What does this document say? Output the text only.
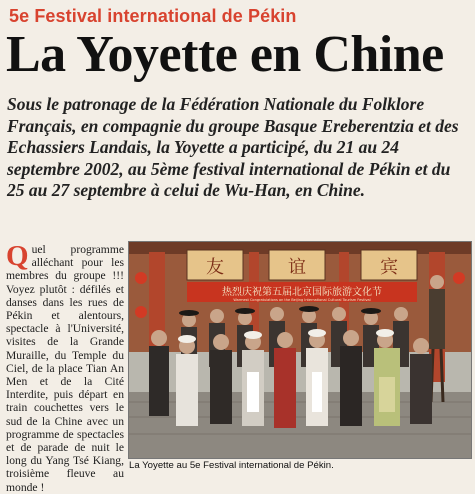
5e Festival international de Pékin
La Yoyette en Chine
Sous le patronage de la Fédération Nationale du Folklore Français, en compagnie du groupe Basque Ereberentzia et des Echassiers Landais, la Yoyette a participé, du 21 au 24 septembre 2002, au 5ème festival international de Pékin et du 25 au 27 septembre à celui de Wu-Han, en Chine.
Quel programme alléchant pour les membres du groupe !!! Voyez plutôt : défilés et danses dans les rues de Pékin et alentours, spectacle à l'Université, visites de la Grande Muraille, du Temple du Ciel, de la place Tian An Men et de la Cité Interdite, puis départ en train couchettes vers le sud de la Chine avec un programme de spectacles et de parade de nuit le long du Yang Tsé Kiang, troisième fleuve au monde !
友	谊	宾
热烈庆祝第五届北京国际旅游文化节
Warmest Congratulations on the Beijing International Cultural Tourism Festival
La Yoyette au 5e Festival international de Pékin.
